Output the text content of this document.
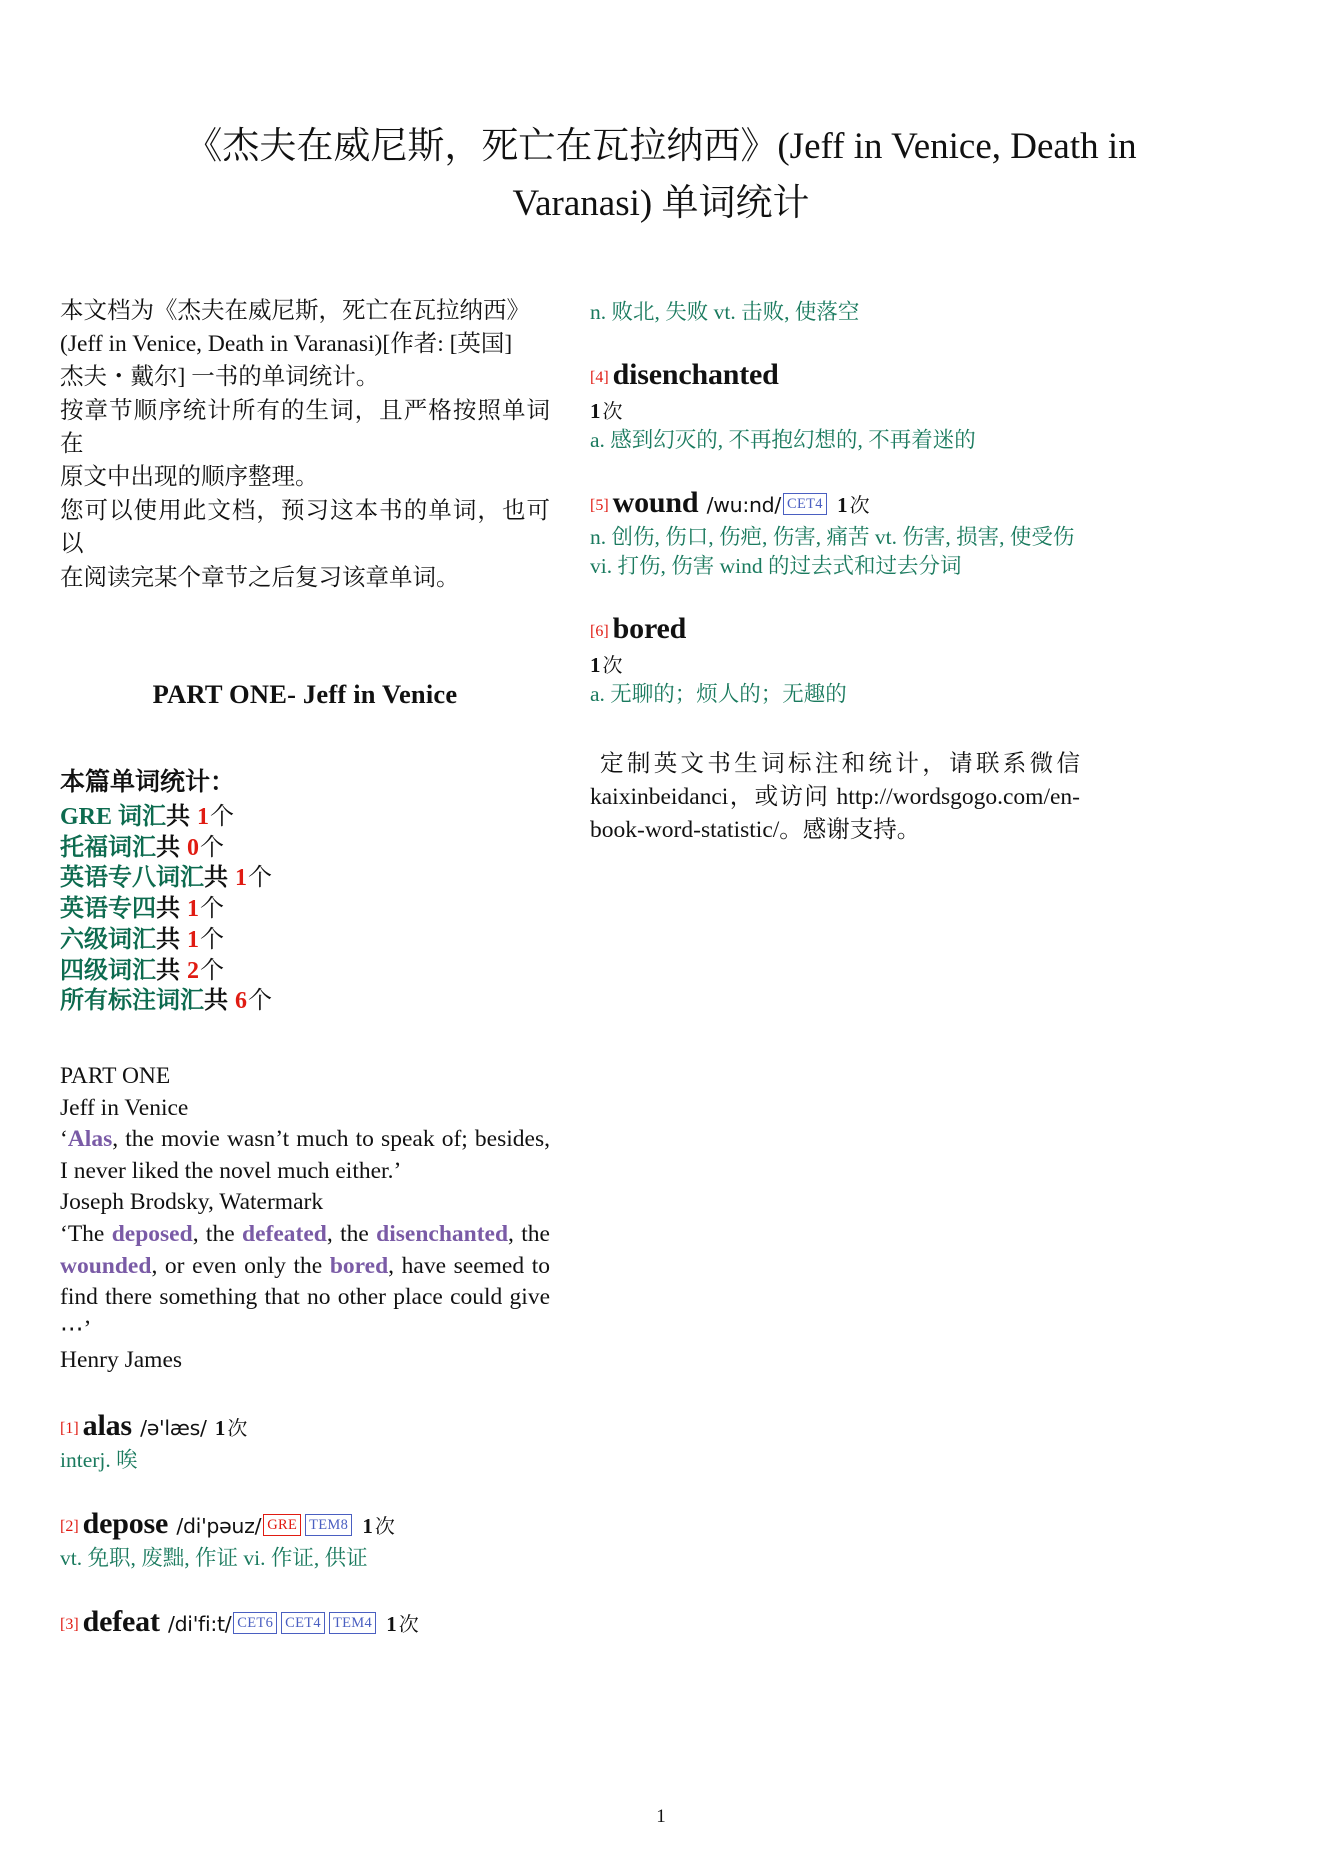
《杰夫在威尼斯，死亡在瓦拉纳西》(Jeff in Venice, Death in Varanasi) 单词统计

本文档为《杰夫在威尼斯，死亡在瓦拉纳西》
(Jeff in Venice, Death in Varanasi)[作者: [英国]
杰夫・戴尔] 一书的单词统计。
按章节顺序统计所有的生词，且严格按照单词在
原文中出现的顺序整理。
您可以使用此文档，预习这本书的单词，也可以
在阅读完某个章节之后复习该章单词。

PART ONE- Jeff in Venice
本篇单词统计：
GRE 词汇共 1个
托福词汇共 0个
英语专八词汇共 1个
英语专四共 1个
六级词汇共 1个
四级词汇共 2个
所有标注词汇共 6个
PART ONE
Jeff in Venice
‘Alas, the movie wasn’t much to speak of; besides, I never liked the novel much either.’
Joseph Brodsky, Watermark
‘The deposed, the defeated, the disenchanted, the wounded, or even only the bored, have seemed to find there something that no other place could give ⋯’
Henry James
[1] alas /ə'læs/ 1 次
interj. 唉
[2] depose /di'pəuz/ GRE TEM8 1 次
vt. 免职, 废黜, 作证 vi. 作证, 供证
[3] defeat /di'fi:t/ CET6 CET4 TEM4 1 次
n. 败北, 失败 vt. 击败, 使落空
[4] disenchanted
1 次
a. 感到幻灭的, 不再抱幻想的, 不再着迷的
[5] wound /wu:nd/ CET4 1 次
n. 创伤, 伤口, 伤疤, 伤害, 痛苦 vt. 伤害, 损害, 使受伤 vi. 打伤, 伤害 wind 的过去式和过去分词
[6] bored
1 次
a. 无聊的；烦人的；无趣的
定制英文书生词标注和统计，请联系微信 kaixinbeidanci，或访问 http://wordsgogo.com/en-book-word-statistic/。感谢支持。
1
